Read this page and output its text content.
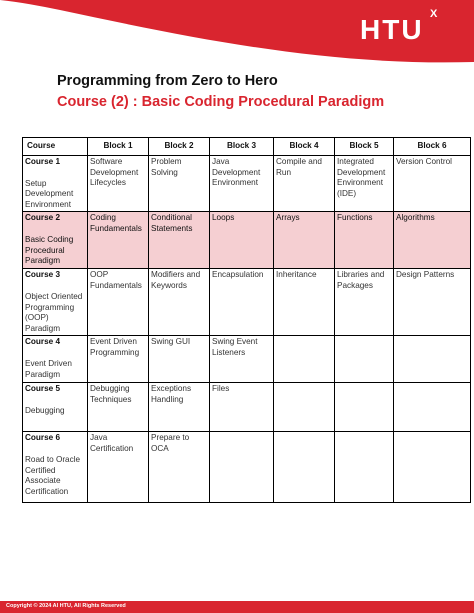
HTU X

Programming from Zero to Hero

Course (2) : Basic Coding Procedural Paradigm

Course	Block 1	Block 2	Block 3	Block 4	Block 5	Block 6

Course 1
Setup Development Environment	Software Development Lifecycles	Problem Solving	Java Development Environment	Compile and Run	Integrated Development Environment (IDE)	Version Control

Course 2
Basic Coding Procedural Paradigm	Coding Fundamentals	Conditional Statements	Loops	Arrays	Functions	Algorithms

Course 3
Object Oriented Programming (OOP) Paradigm	OOP Fundamentals	Modifiers and Keywords	Encapsulation	Inheritance	Libraries and Packages	Design Patterns

Course 4
Event Driven Paradigm	Event Driven Programming	Swing GUI	Swing Event Listeners			

Course 5
Debugging	Debugging Techniques	Exceptions Handling	Files			

Course 6
Road to Oracle Certified Associate Certification	Java Certification	Prepare to OCA				
Copyright © 2024 Al HTU, All Rights Reserved
